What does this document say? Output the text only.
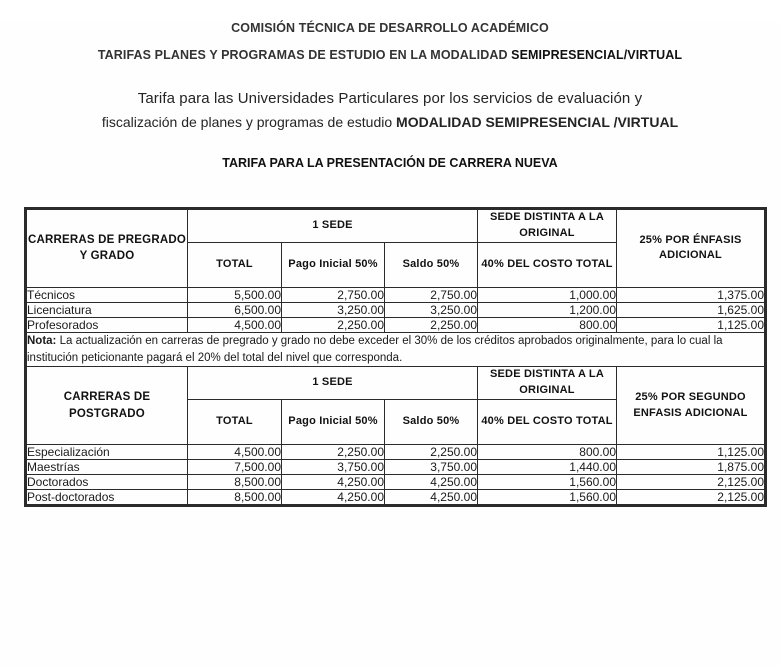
COMISIÓN TÉCNICA DE DESARROLLO ACADÉMICO
TARIFAS PLANES Y PROGRAMAS DE ESTUDIO EN LA MODALIDAD SEMIPRESENCIAL/VIRTUAL
Tarifa para las Universidades Particulares por los servicios de evaluación y
fiscalización de planes y programas de estudio MODALIDAD SEMIPRESENCIAL /VIRTUAL
TARIFA PARA LA PRESENTACIÓN DE CARRERA NUEVA
CARRERAS DE PREGRADO Y GRADO	1 SEDE			SEDE DISTINTA A LA ORIGINAL	25% POR ÉNFASIS ADICIONAL
	TOTAL	Pago Inicial 50%	Saldo 50%	40% DEL COSTO TOTAL	
Técnicos	5,500.00	2,750.00	2,750.00	1,000.00	1,375.00
Licenciatura	6,500.00	3,250.00	3,250.00	1,200.00	1,625.00
Profesorados	4,500.00	2,250.00	2,250.00	800.00	1,125.00
Nota: La actualización en carreras de pregrado y grado no debe exceder el 30% de los créditos aprobados originalmente, para lo cual la institución peticionante pagará el 20% del total del nivel que corresponda.					
CARRERAS DE POSTGRADO	1 SEDE			SEDE DISTINTA A LA ORIGINAL	25% POR SEGUNDO ENFASIS ADICIONAL
	TOTAL	Pago Inicial 50%	Saldo 50%	40% DEL COSTO TOTAL	
Especialización	4,500.00	2,250.00	2,250.00	800.00	1,125.00
Maestrías	7,500.00	3,750.00	3,750.00	1,440.00	1,875.00
Doctorados	8,500.00	4,250.00	4,250.00	1,560.00	2,125.00
Post-doctorados	8,500.00	4,250.00	4,250.00	1,560.00	2,125.00
